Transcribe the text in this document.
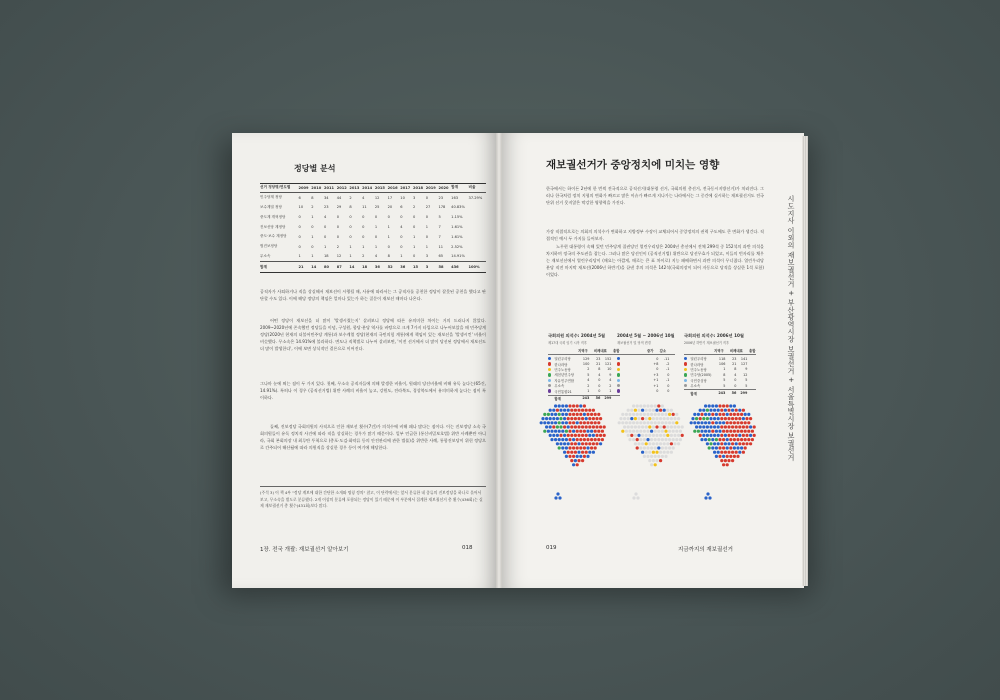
정당별 분석
선거 정당명/연도별	2009	2010	2011	2012	2013	2014	2015	2016	2017	2018	2019	2020	합계	비율
민주당계 정당	6	8	34	44	2	4	12	17	10	3	0	23	163	37.29%
보수계열 정당	10	2	23	29	8	11	25	20	6	2	27	178	40.83%	
중도계 개혁정당	0	1	4	0	0	0	0	0	0	0	0	5	1.15%	
진보신당 계정당	0	0	0	0	0	0	1	1	4	0	1	7	1.61%	
중도·보수 계정당	0	1	0	0	0	0	0	1	0	1	0	7	1.61%	
범진보정당	0	0	1	2	1	1	1	0	0	1	1	11	2.52%	
무소속	1	1	18	12	1	2	4	8	1	0	3	65	14.91%	
합계	21	14	80	87	14	18	36	52	36	15	3	58	436	100%
공직자가 사퇴하거나 직을 상실해서 재보선이 시행될 때, 사유에 따라서는 그 공직자를 공천한 정당이 잘못된 공천을 했다고 판단할 수도 있다. 이에 해당 정당의 책임은 얼마나 있는가 하는 질문이 재보선 때마다 나온다.
어떤 정당이 재보선을 더 많이 '발생시켰는지' 살펴보니 정당에 따른 유의미한 차이는 거의 드러나지 않았다. 2009~2020년에 존속했던 정당들을 이념, 구성원, 합당·분당 역사를 바탕으로 크게 7가지 타입으로 나누어보았을 때 민주당계 정당(2020년 현재의 더불어민주당 계통)과 보수계열 정당(현재의 국민의힘 계통)에게 책임이 있는 재보선을 '발생시킨' 비율이 비슷했다. 무소속은 14.91%에 불과하다. 변도나 직책별로 나누어 살펴보면, '이전 선거에서 더 많이 당선된 정당에서 재보선도 더 많이 발생한다', 이에 보면 상식적인 결론으로 이어진다.
그나마 눈에 띄는 점이 두 가지 있다. 첫째, 무소속 공직자들에 의해 발생한 비율이, 원래의 당선비율에 비해 유독 높다는(65건, 14.91%). 특히나 이 경우 (공직선거법) 위반 사례의 비율이 높고, 강원도, 전라북도, 경상북도에서 유의미하게 높다는 점이 특이하다.
둘째, 진보정당 국회의원의 사직으로 인한 재보선 횟수(7건)가 의석수에 비해 꽤나 많다는 점이다. 이는 진보정당 소속 국회의원들이 유독 정치적 사건에 따라 직을 상실하는 경우가 많기 때문이다. 일부 언급한 (통신비밀보호법) 위반 사례뿐만 아니라, 국회 본회의장 내 최루탄 투척으로 (총포·도검·화약류 등의 안전관리에 관한 법률)을 위반한 사례, 통합진보당이 위헌 정당으로 간주되어 해산됨에 따라 의원직을 상실한 경우 등이 여기에 해당한다.
(주석 3) 이 책 4부 "정당 계보에 대한 간단한 소개와 명칭 정의" 참고, 이 단락에서는 앞서 분류한 네 종류의 진보정당을 하나로 묶어서 보고, 무소속을 별도로 분류했다. 2개 이상의 분류에 포함되는 정당이 있기 때문에 이 부분에서 집계한 재보궐선거 총 횟수(436회)는 실제 재보궐선거 총 횟수(431회)보다 많다.
1장. 전국 개괄: 재보궐선거 알아보기	018
재보궐선거가 중앙정치에 미치는 영향
한국에서는 하이든 2년에 한 번씩 전국적으로 공직선거(대통령 선거, 국회의원 총선거, 전국동시지방선거)가 치러진다. 그러나 한국처럼 정치 지형의 변화가 빠르고 많은 이슈가 빠르게 지나가는 나라에서는 그 중간에 실시하는 재보궐선거도 전국 단위 선거 못지않은 막강한 영향력을 가진다.
가장 직접적으로는 의회의 의석수가 변화하고 지방정부 수장이 교체되어서 중앙정치의 권력 구도에도 큰 변화가 생긴다. 직접적인 예시 두 가지를 들어보자.
노무현 대통령이 속해 있던 민주당계 집권당인 열린우리당은 2004년 총선에서 전체 299석 중 152석의 과반 의석을 차지하며 정국의 주도권을 잡는다. 그러나 많은 당선인이 (공직선거법) 위반으로 당선무효가 되었고, 이들의 빈자리를 채우는 재보선선에서 열린우리당이 (매요는 아깝게, 매로는 큰 표 차이로) 지능 패배하면서 과반 의석이 무너졌다. 열린우리당 분당 직전 마지막 재보선(2006년 하반기)을 끝낸 후의 의석은 142석(국회의장이 되어 자동으로 당적을 상실한 1석 포함)이었다.	시도지사 이외의 재보궐선거 + 부산광역시장 보궐선거 + 서울특별시장 보궐선거
국회의원 의석수: 2004년 5월
제17대 국회 임기 시작 직후
지역구 비례대표 총합
열린우리당	129	23	152
한나라당	100	21	121
민주노동당	2	8	10
새천년민주당	5	4	9
자유민주연합	4	0	4
무소속	2	0	2
국민통합21	1	0	1
합계	243	56	299
2004년 5월 ~ 2006년 10월
재보궐선거 및 당적 변경
증가 감소
0	-11
+8	-2
0	-1
+3	0
+1	-1
+1	0
0	0
국회의원 의석수: 2006년 10월
2006년 하반기 재보궐선거 직후
지역구 비례대표 총합
열린우리당	118	23	141
한나라당	106	21	127
민주노동당	1	8	9
민주당(2005)	8	4	12
국민중심당	5	0	5
무소속	5	0	5
합계	243	56	299
019	지금까지의 재보궐선거
